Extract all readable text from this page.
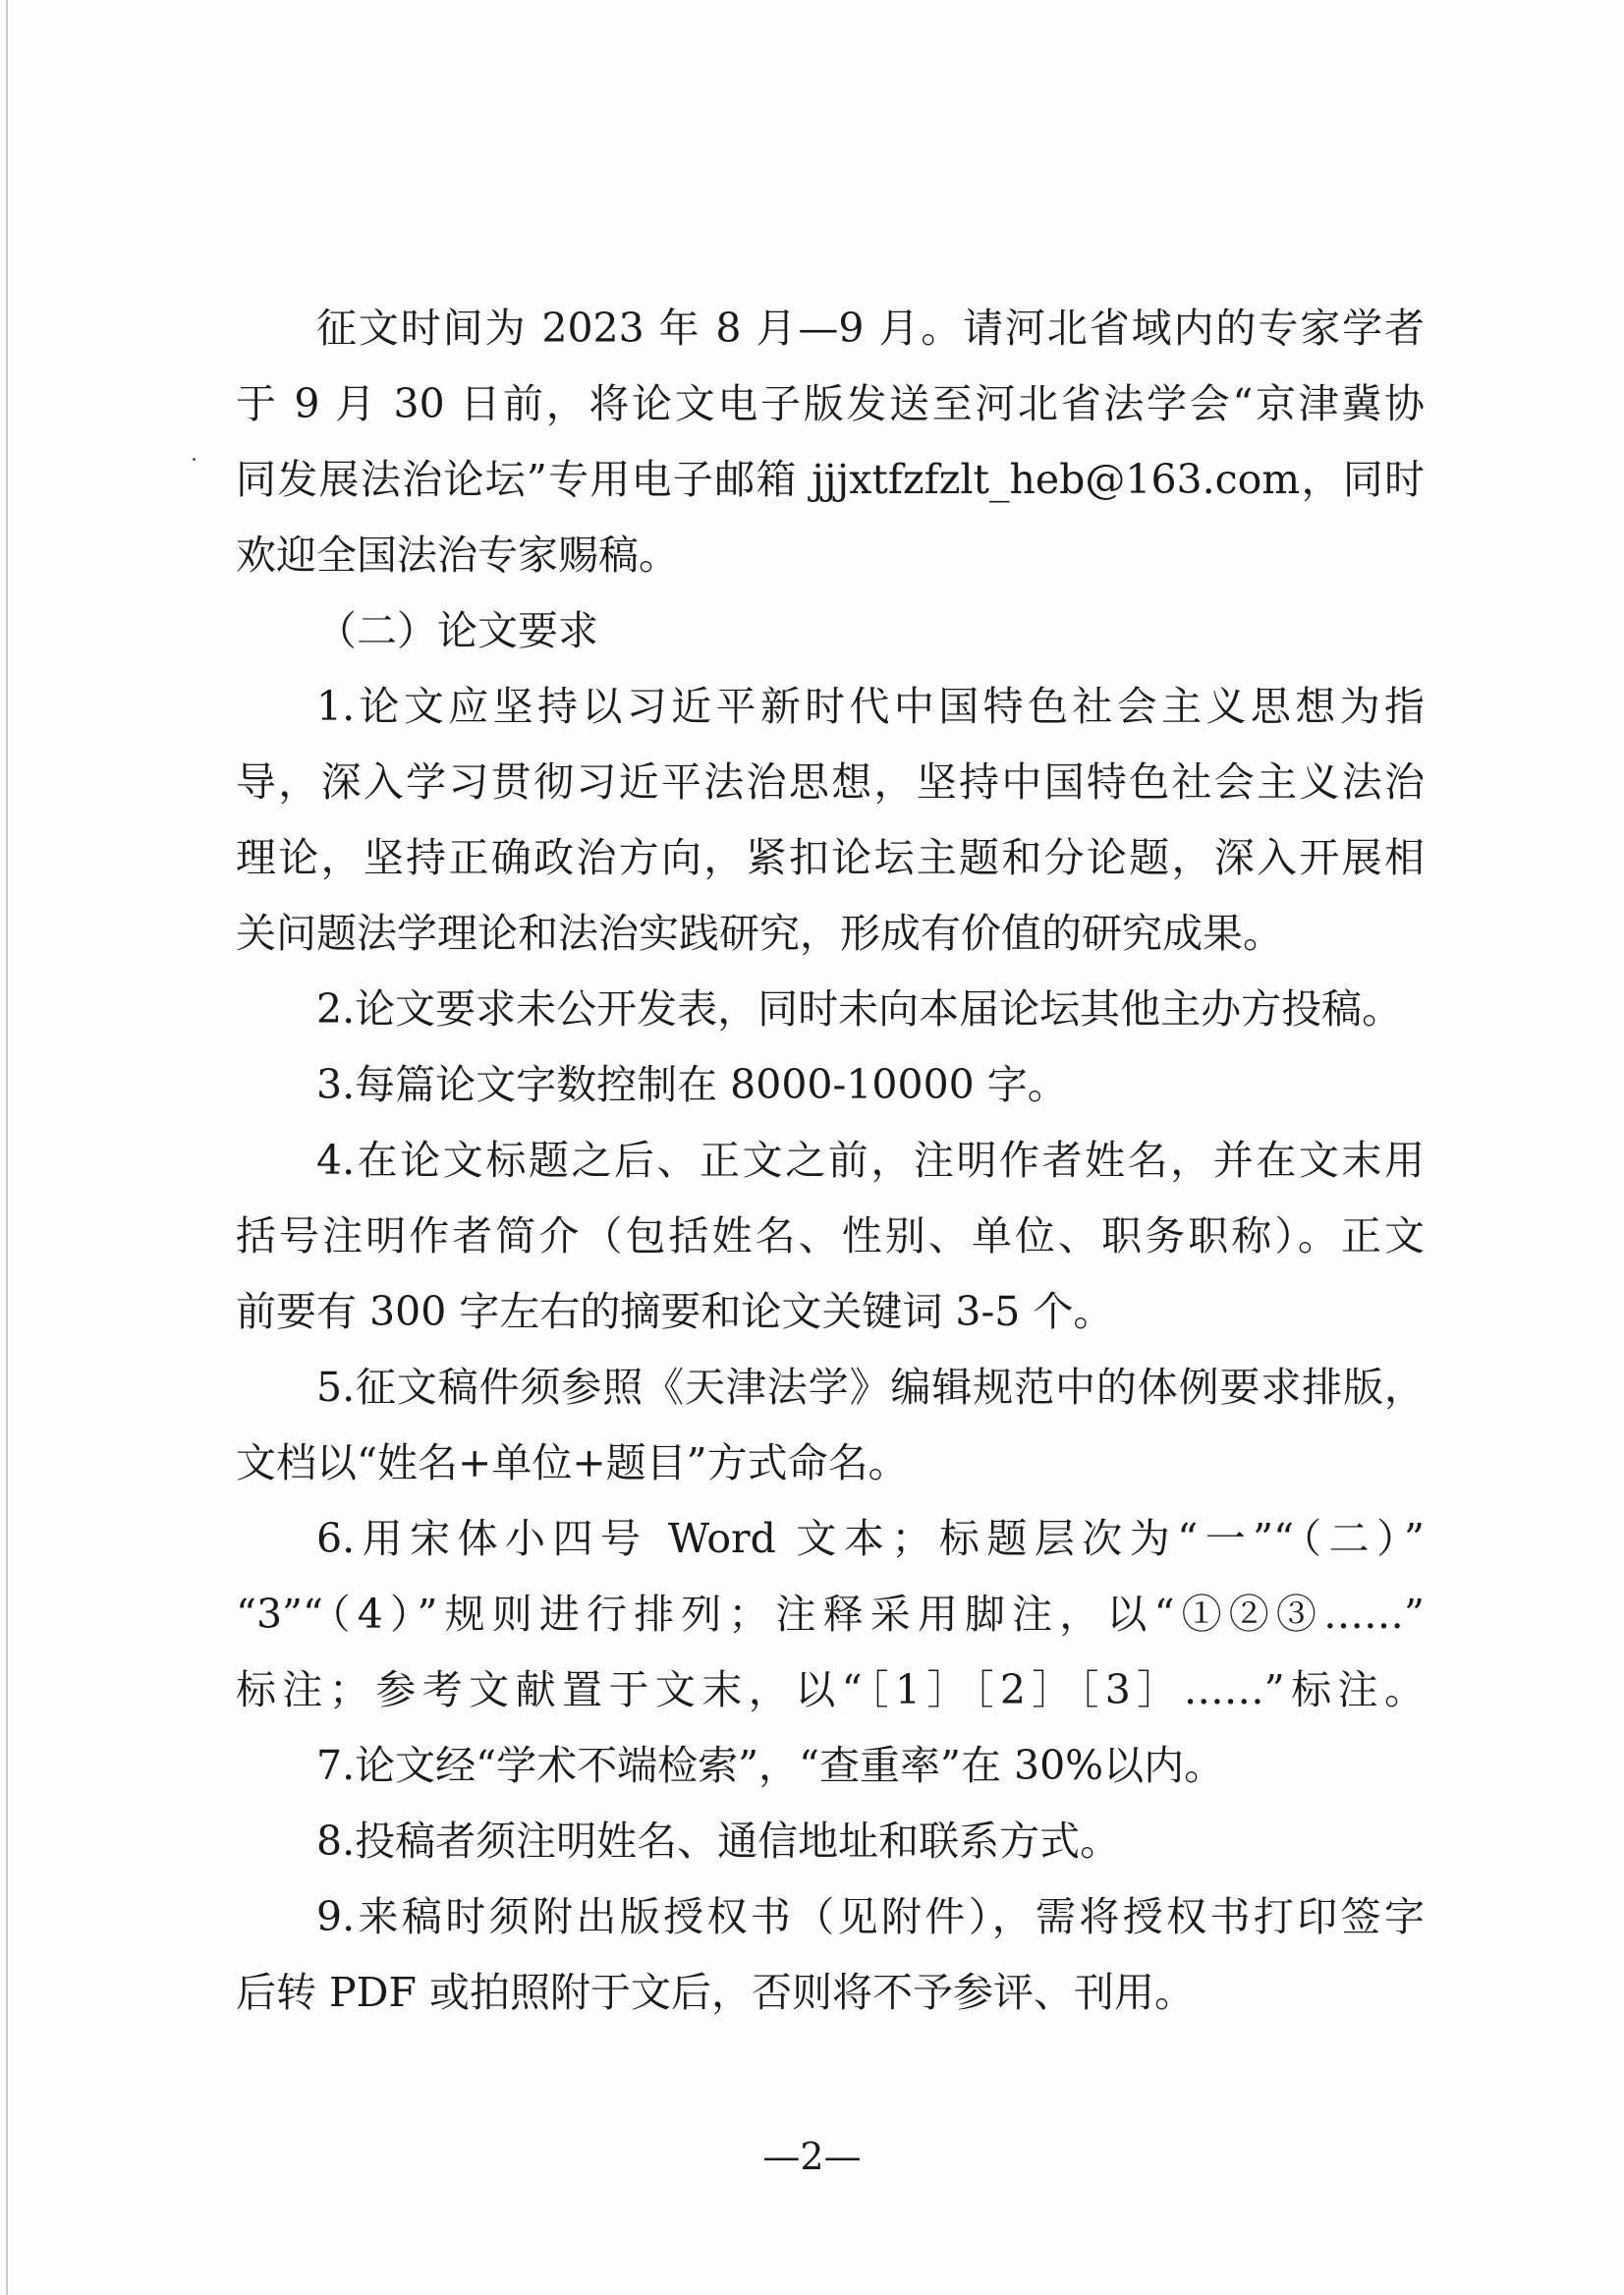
征文时间为 2023 年 8 月—9 月。请河北省域内的专家学者
于 9 月 30 日前，将论文电子版发送至河北省法学会“京津冀协
同发展法治论坛”专用电子邮箱 jjjxtfzfzlt_heb@163.com，同时
欢迎全国法治专家赐稿。
（二）论文要求
1.论文应坚持以习近平新时代中国特色社会主义思想为指
导，深入学习贯彻习近平法治思想，坚持中国特色社会主义法治
理论，坚持正确政治方向，紧扣论坛主题和分论题，深入开展相
关问题法学理论和法治实践研究，形成有价值的研究成果。
2.论文要求未公开发表，同时未向本届论坛其他主办方投稿。
3.每篇论文字数控制在 8000-10000 字。
4.在论文标题之后、正文之前，注明作者姓名，并在文末用
括号注明作者简介（包括姓名、性别、单位、职务职称）。正文
前要有 300 字左右的摘要和论文关键词 3-5 个。
5.征文稿件须参照《天津法学》编辑规范中的体例要求排版，
文档以“姓名+单位+题目”方式命名。
6.用宋体小四号 Word 文本；标题层次为“一”“（二）”
“3”“（4）”规则进行排列；注释采用脚注，以“①②③……”
标注；参考文献置于文末，以“［1］［2］［3］……”标注。
7.论文经“学术不端检索”，“查重率”在 30%以内。
8.投稿者须注明姓名、通信地址和联系方式。
9.来稿时须附出版授权书（见附件），需将授权书打印签字
后转 PDF 或拍照附于文后，否则将不予参评、刊用。
—2—
